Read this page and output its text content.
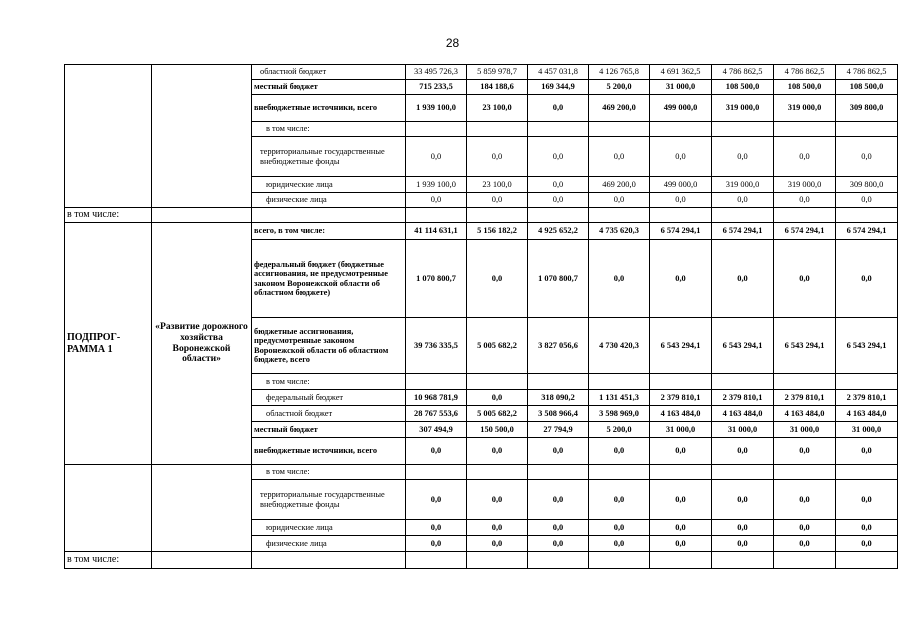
28
		областной бюджет	33 495 726,3	5 859 978,7	4 457 031,8	4 126 765,8	4 691 362,5	4 786 862,5	4 786 862,5	4 786 862,5
		местный бюджет	715 233,5	184 188,6	169 344,9	5 200,0	31 000,0	108 500,0	108 500,0	108 500,0
		внебюджетные источники, всего	1 939 100,0	23 100,0	0,0	469 200,0	499 000,0	319 000,0	319 000,0	309 800,0
		в том числе:								
		территориальные государственные внебюджетные фонды	0,0	0,0	0,0	0,0	0,0	0,0	0,0	0,0
		юридические лица	1 939 100,0	23 100,0	0,0	469 200,0	499 000,0	319 000,0	319 000,0	309 800,0
		физические лица	0,0	0,0	0,0	0,0	0,0	0,0	0,0	0,0
в том числе:										
ПОДПРОГ-РАММА 1	«Развитие дорожного хозяйства Воронежской области»	всего, в том числе:	41 114 631,1	5 156 182,2	4 925 652,2	4 735 620,3	6 574 294,1	6 574 294,1	6 574 294,1	6 574 294,1
		федеральный бюджет (бюджетные ассигнования, не предусмотренные законом Воронежской области об областном бюджете)	1 070 800,7	0,0	1 070 800,7	0,0	0,0	0,0	0,0	0,0
		бюджетные ассигнования, предусмотренные законом Воронежской области об областном бюджете, всего	39 736 335,5	5 005 682,2	3 827 056,6	4 730 420,3	6 543 294,1	6 543 294,1	6 543 294,1	6 543 294,1
		в том числе:								
		федеральный бюджет	10 968 781,9	0,0	318 090,2	1 131 451,3	2 379 810,1	2 379 810,1	2 379 810,1	2 379 810,1
		областной бюджет	28 767 553,6	5 005 682,2	3 508 966,4	3 598 969,0	4 163 484,0	4 163 484,0	4 163 484,0	4 163 484,0
		местный бюджет	307 494,9	150 500,0	27 794,9	5 200,0	31 000,0	31 000,0	31 000,0	31 000,0
		внебюджетные источники, всего	0,0	0,0	0,0	0,0	0,0	0,0	0,0	0,0
		в том числе:								
		территориальные государственные внебюджетные фонды	0,0	0,0	0,0	0,0	0,0	0,0	0,0	0,0
		юридические лица	0,0	0,0	0,0	0,0	0,0	0,0	0,0	0,0
		физические лица	0,0	0,0	0,0	0,0	0,0	0,0	0,0	0,0
в том числе:										
